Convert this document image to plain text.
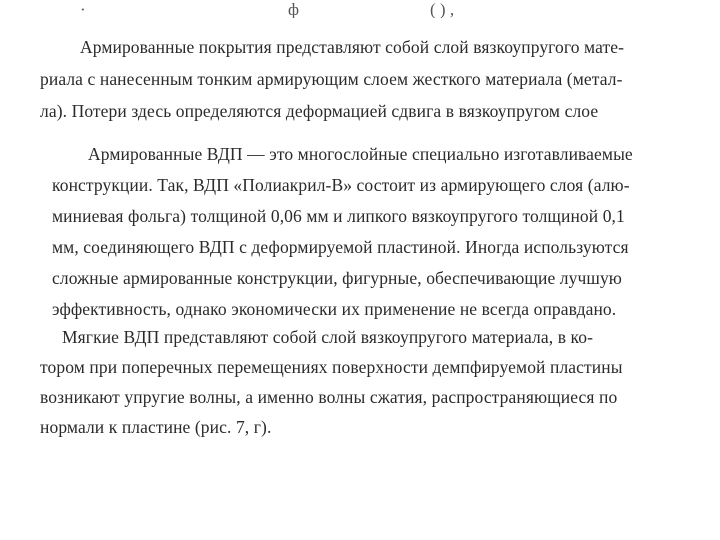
·	ф	( ) ,
Армированные покрытия представляют собой слой вязкоупругого мате-
риала с нанесенным тонким армирующим слоем жесткого материала (метал-
ла). Потери здесь определяются деформацией сдвига в вязкоупругом слое
Армированные ВДП — это многослойные специально изготавливаемые
конструкции. Так, ВДП «Полиакрил-В» состоит из армирующего слоя (алю-
миниевая фольга) толщиной 0,06 мм и липкого вязкоупругого толщиной 0,1
мм, соединяющего ВДП с деформируемой пластиной. Иногда используются
сложные армированные конструкции, фигурные, обеспечивающие лучшую
эффективность, однако экономически их применение не всегда оправдано.
Мягкие ВДП представляют собой слой вязкоупругого материала, в ко-
тором при поперечных перемещениях поверхности демпфируемой пластины
возникают упругие волны, а именно волны сжатия, распространяющиеся по
нормали к пластине (рис. 7, г).
